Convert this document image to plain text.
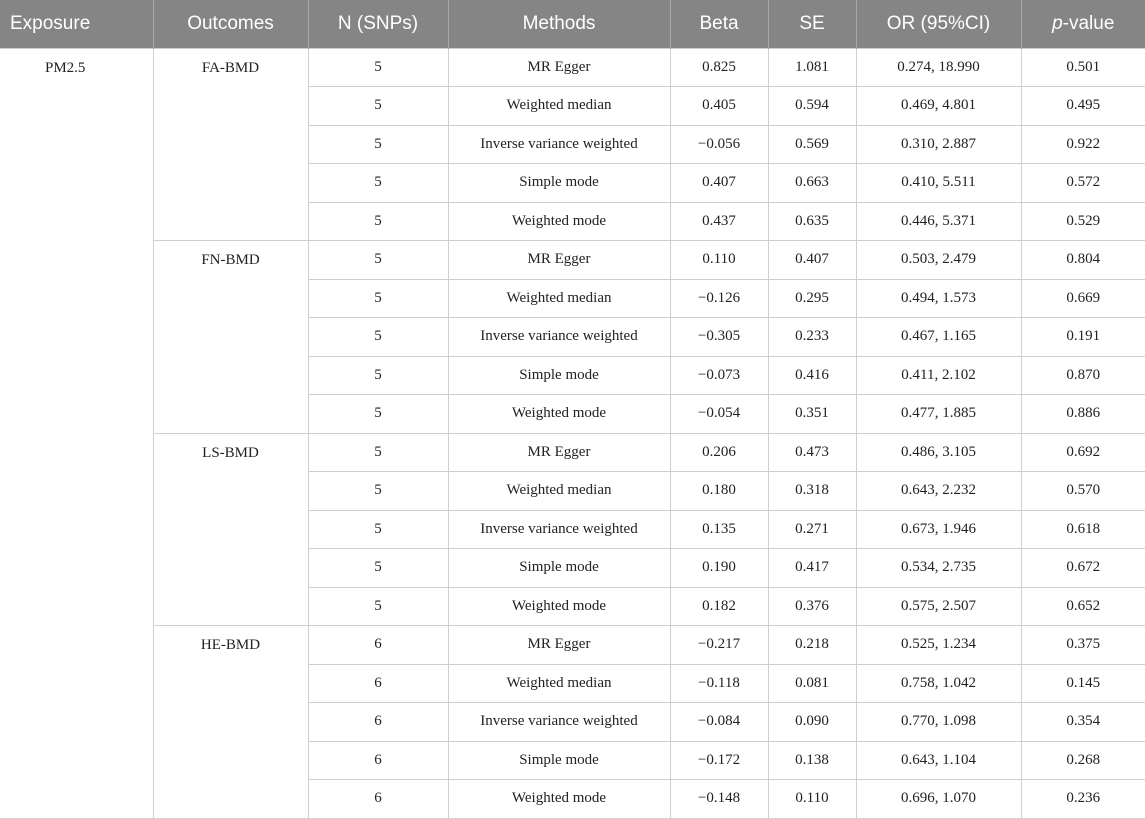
Exposure	Outcomes	N (SNPs)	Methods	Beta	SE	OR (95%CI)	p-value
PM2.5	FA-BMD	5	MR Egger	0.825	1.081	0.274, 18.990	0.501
		5	Weighted median	0.405	0.594	0.469, 4.801	0.495
		5	Inverse variance weighted	−0.056	0.569	0.310, 2.887	0.922
		5	Simple mode	0.407	0.663	0.410, 5.511	0.572
		5	Weighted mode	0.437	0.635	0.446, 5.371	0.529
	FN-BMD	5	MR Egger	0.110	0.407	0.503, 2.479	0.804
		5	Weighted median	−0.126	0.295	0.494, 1.573	0.669
		5	Inverse variance weighted	−0.305	0.233	0.467, 1.165	0.191
		5	Simple mode	−0.073	0.416	0.411, 2.102	0.870
		5	Weighted mode	−0.054	0.351	0.477, 1.885	0.886
	LS-BMD	5	MR Egger	0.206	0.473	0.486, 3.105	0.692
		5	Weighted median	0.180	0.318	0.643, 2.232	0.570
		5	Inverse variance weighted	0.135	0.271	0.673, 1.946	0.618
		5	Simple mode	0.190	0.417	0.534, 2.735	0.672
		5	Weighted mode	0.182	0.376	0.575, 2.507	0.652
	HE-BMD	6	MR Egger	−0.217	0.218	0.525, 1.234	0.375
		6	Weighted median	−0.118	0.081	0.758, 1.042	0.145
		6	Inverse variance weighted	−0.084	0.090	0.770, 1.098	0.354
		6	Simple mode	−0.172	0.138	0.643, 1.104	0.268
		6	Weighted mode	−0.148	0.110	0.696, 1.070	0.236
